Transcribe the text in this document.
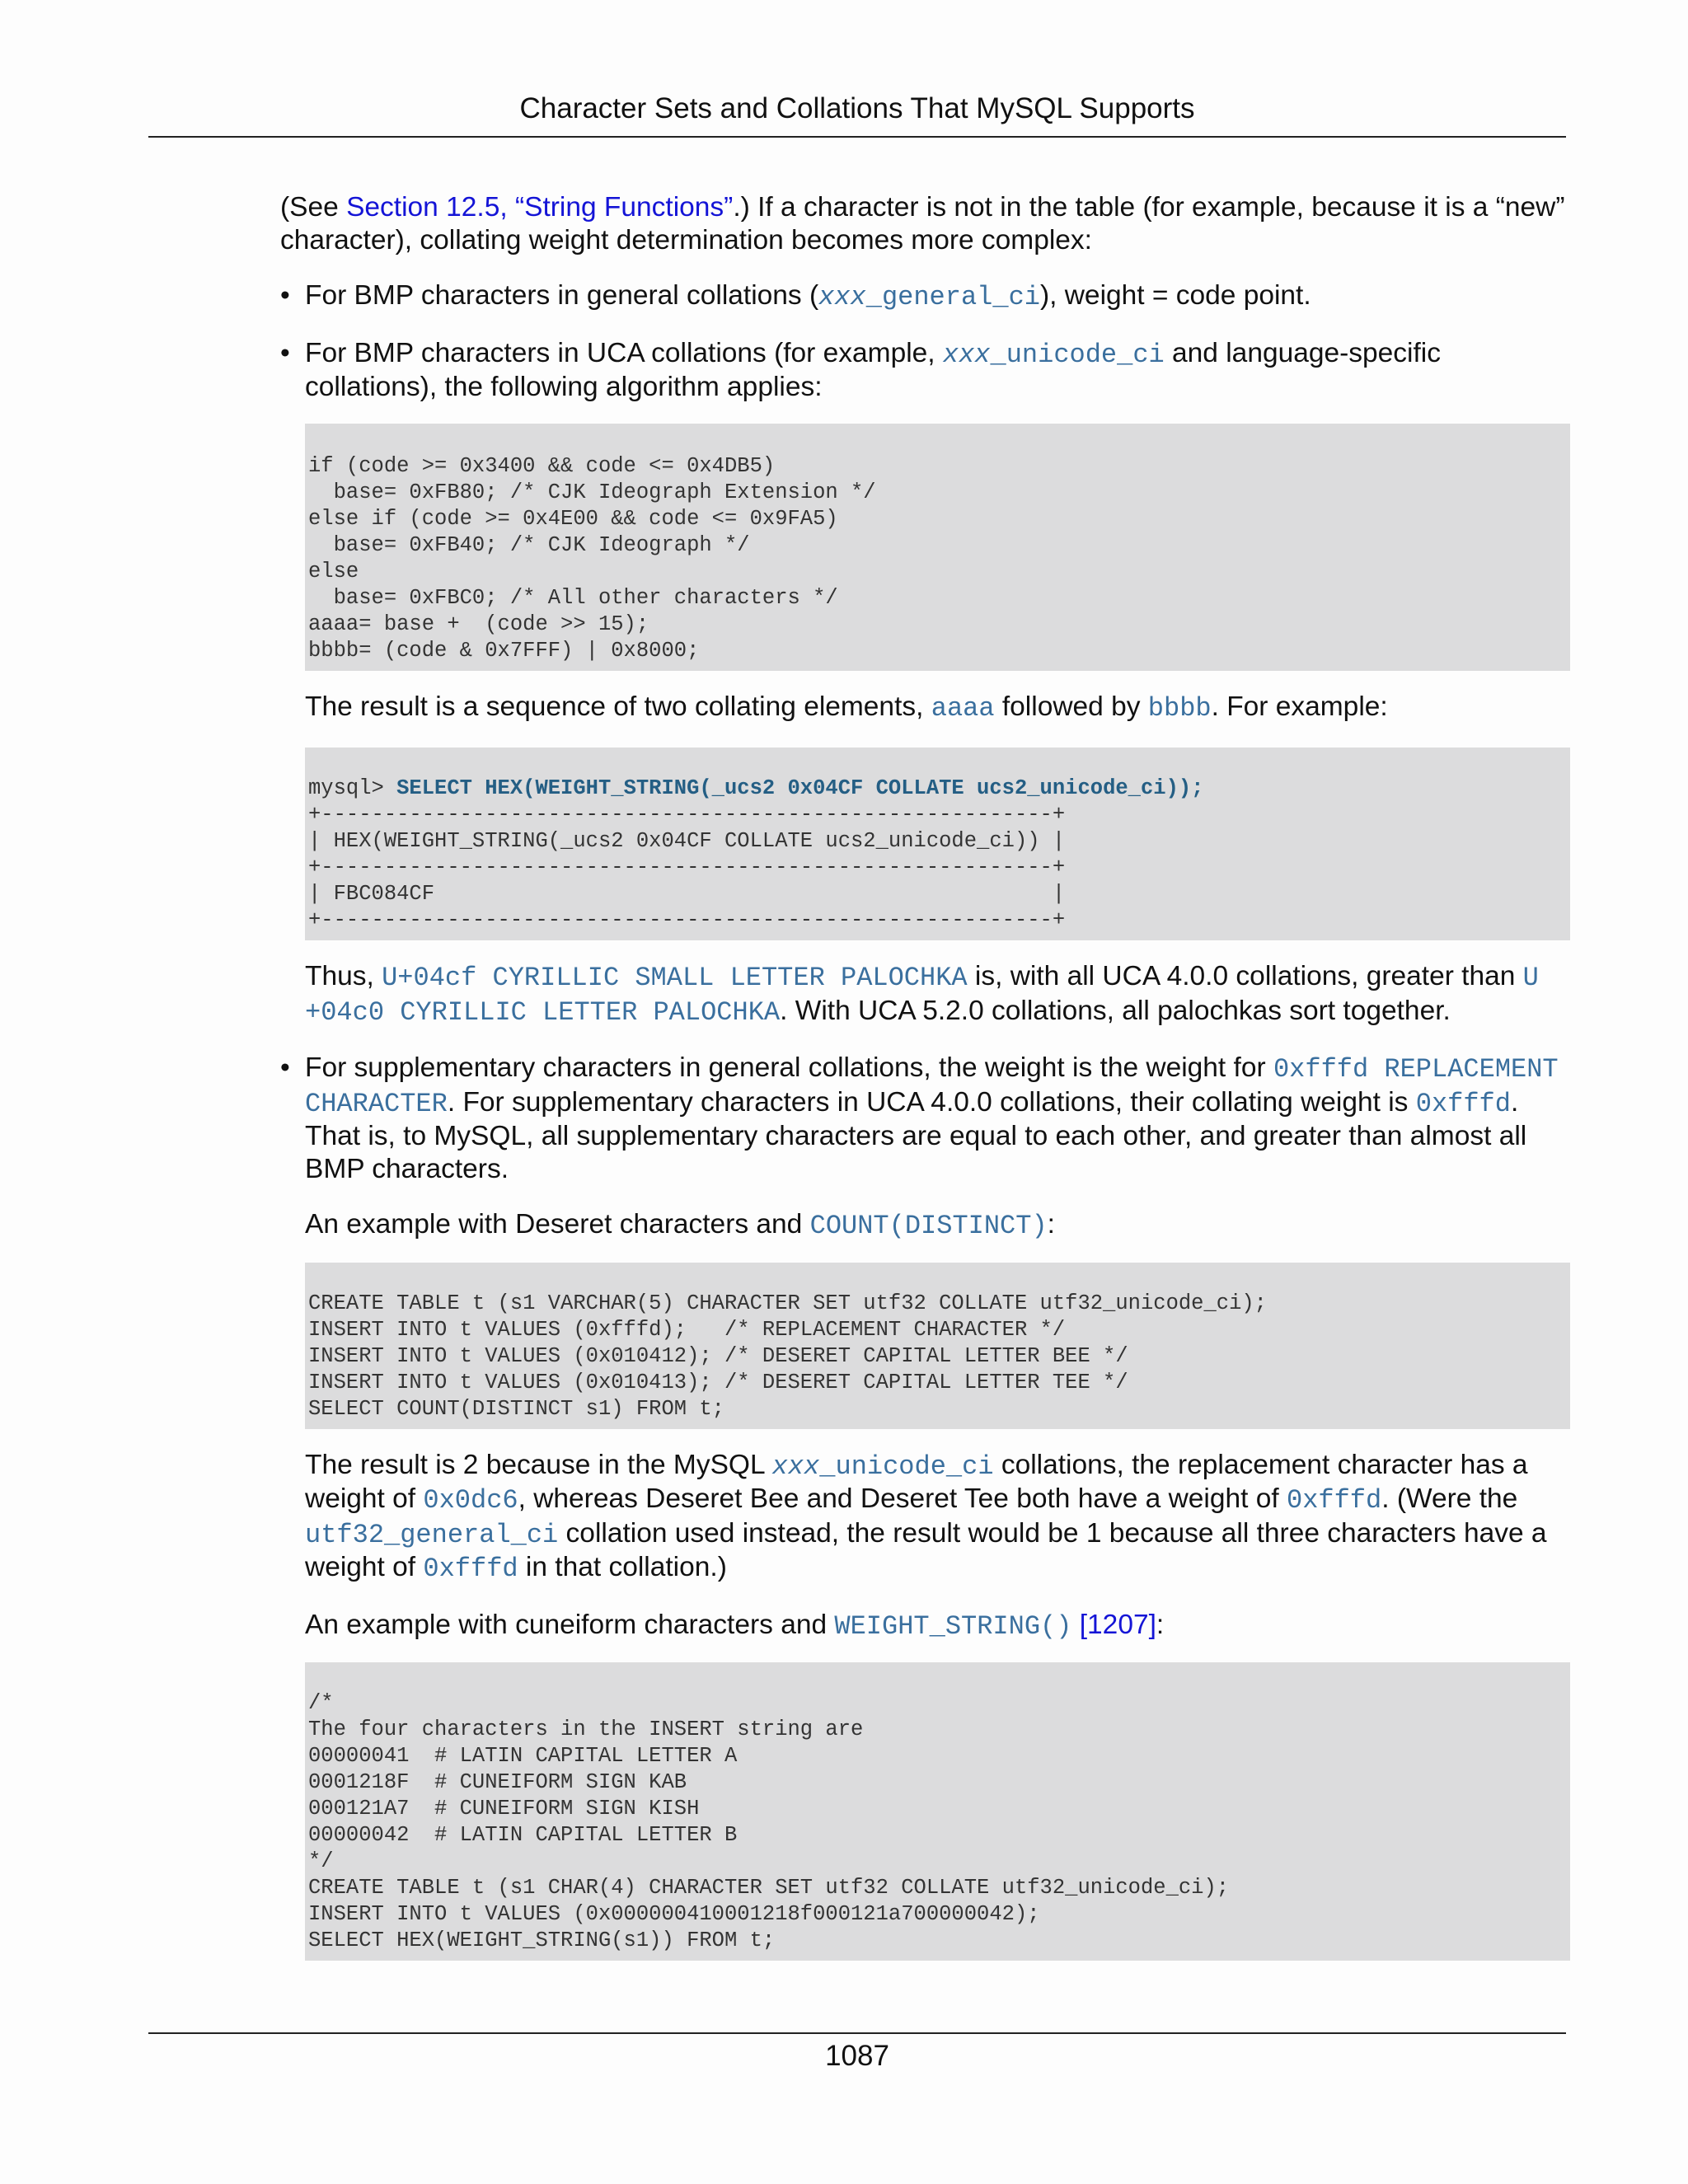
Character Sets and Collations That MySQL Supports

(See Section 12.5, “String Functions”.) If a character is not in the table (for example, because it is a “new” character), collating weight determination becomes more complex:

• For BMP characters in general collations (xxx_general_ci), weight = code point.
• For BMP characters in UCA collations (for example, xxx_unicode_ci and language-specific collations), the following algorithm applies:
if (code >= 0x3400 && code <= 0x4DB5)
base= 0xFB80; /* CJK Ideograph Extension */
else if (code >= 0x4E00 && code <= 0x9FA5)
base= 0xFB40; /* CJK Ideograph */
else
base= 0xFBC0; /* All other characters */
aaaa= base +  (code >> 15);
bbbb= (code & 0x7FFF) | 0x8000;

The result is a sequence of two collating elements, aaaa followed by bbbb. For example:

mysql> SELECT HEX(WEIGHT_STRING(_ucs2 0x04CF COLLATE ucs2_unicode_ci));
+----------------------------------------------------------+
| HEX(WEIGHT_STRING(_ucs2 0x04CF COLLATE ucs2_unicode_ci)) |
+----------------------------------------------------------+
| FBC084CF                                                 |
+----------------------------------------------------------+

Thus, U+04cf CYRILLIC SMALL LETTER PALOCHKA is, with all UCA 4.0.0 collations, greater than U +04c0 CYRILLIC LETTER PALOCHKA. With UCA 5.2.0 collations, all palochkas sort together.

• For supplementary characters in general collations, the weight is the weight for 0xfffd REPLACEMENT CHARACTER. For supplementary characters in UCA 4.0.0 collations, their collating weight is 0xfffd. That is, to MySQL, all supplementary characters are equal to each other, and greater than almost all BMP characters.

An example with Deseret characters and COUNT(DISTINCT):

CREATE TABLE t (s1 VARCHAR(5) CHARACTER SET utf32 COLLATE utf32_unicode_ci);
INSERT INTO t VALUES (0xfffd);   /* REPLACEMENT CHARACTER */
INSERT INTO t VALUES (0x010412); /* DESERET CAPITAL LETTER BEE */
INSERT INTO t VALUES (0x010413); /* DESERET CAPITAL LETTER TEE */
SELECT COUNT(DISTINCT s1) FROM t;

The result is 2 because in the MySQL xxx_unicode_ci collations, the replacement character has a weight of 0x0dc6, whereas Deseret Bee and Deseret Tee both have a weight of 0xfffd. (Were the utf32_general_ci collation used instead, the result would be 1 because all three characters have a weight of 0xfffd in that collation.)

An example with cuneiform characters and WEIGHT_STRING() [1207]:

/*
The four characters in the INSERT string are
00000041  # LATIN CAPITAL LETTER A
0001218F  # CUNEIFORM SIGN KAB
000121A7  # CUNEIFORM SIGN KISH
00000042  # LATIN CAPITAL LETTER B
*/
CREATE TABLE t (s1 CHAR(4) CHARACTER SET utf32 COLLATE utf32_unicode_ci);
INSERT INTO t VALUES (0x000000410001218f000121a700000042);
SELECT HEX(WEIGHT_STRING(s1)) FROM t;
1087
